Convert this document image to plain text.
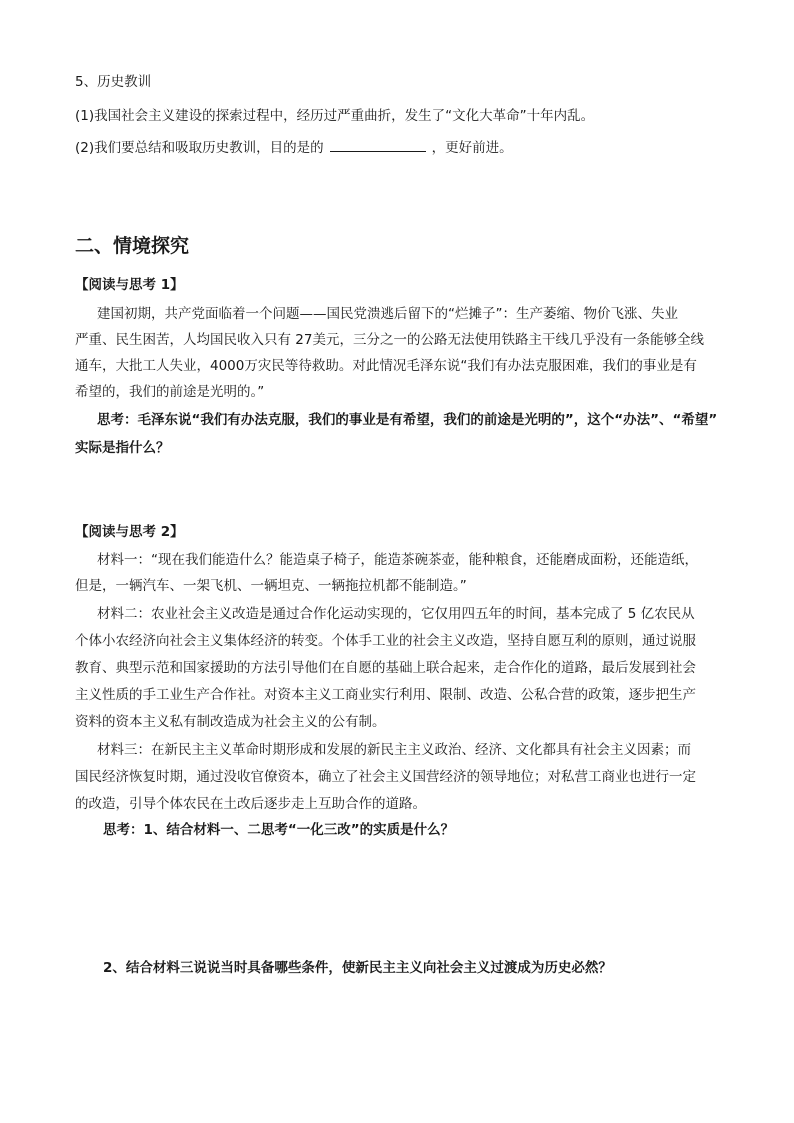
5、历史教训
(1)我国社会主义建设的探索过程中，经历过严重曲折，发生了“文化大革命”十年内乱。
(2)我们要总结和吸取历史教训，目的是的	，更好前进。
二、情境探究
【阅读与思考 1】
建国初期，共产党面临着一个问题——国民党溃逃后留下的“烂摊子”：生产萎缩、物价飞涨、失业
严重、民生困苦，人均国民收入只有 27美元，三分之一的公路无法使用铁路主干线几乎没有一条能够全线
通车，大批工人失业，4000万灾民等待救助。对此情况毛泽东说“我们有办法克服困难，我们的事业是有
希望的，我们的前途是光明的。”
思考：毛泽东说“我们有办法克服，我们的事业是有希望，我们的前途是光明的”，这个“办法”、“希望”
实际是指什么？
【阅读与思考 2】
材料一：“现在我们能造什么？能造桌子椅子，能造茶碗茶壶，能种粮食，还能磨成面粉，还能造纸，
但是，一辆汽车、一架飞机、一辆坦克、一辆拖拉机都不能制造。”
材料二：农业社会主义改造是通过合作化运动实现的，它仅用四五年的时间，基本完成了 5 亿农民从
个体小农经济向社会主义集体经济的转变。个体手工业的社会主义改造，坚持自愿互利的原则，通过说服
教育、典型示范和国家援助的方法引导他们在自愿的基础上联合起来，走合作化的道路，最后发展到社会
主义性质的手工业生产合作社。对资本主义工商业实行利用、限制、改造、公私合营的政策，逐步把生产
资料的资本主义私有制改造成为社会主义的公有制。
材料三：在新民主主义革命时期形成和发展的新民主主义政治、经济、文化都具有社会主义因素；而
国民经济恢复时期，通过没收官僚资本，确立了社会主义国营经济的领导地位；对私营工商业也进行一定
的改造，引导个体农民在土改后逐步走上互助合作的道路。
思考：1、结合材料一、二思考“一化三改”的实质是什么？
2、结合材料三说说当时具备哪些条件，使新民主主义向社会主义过渡成为历史必然？
